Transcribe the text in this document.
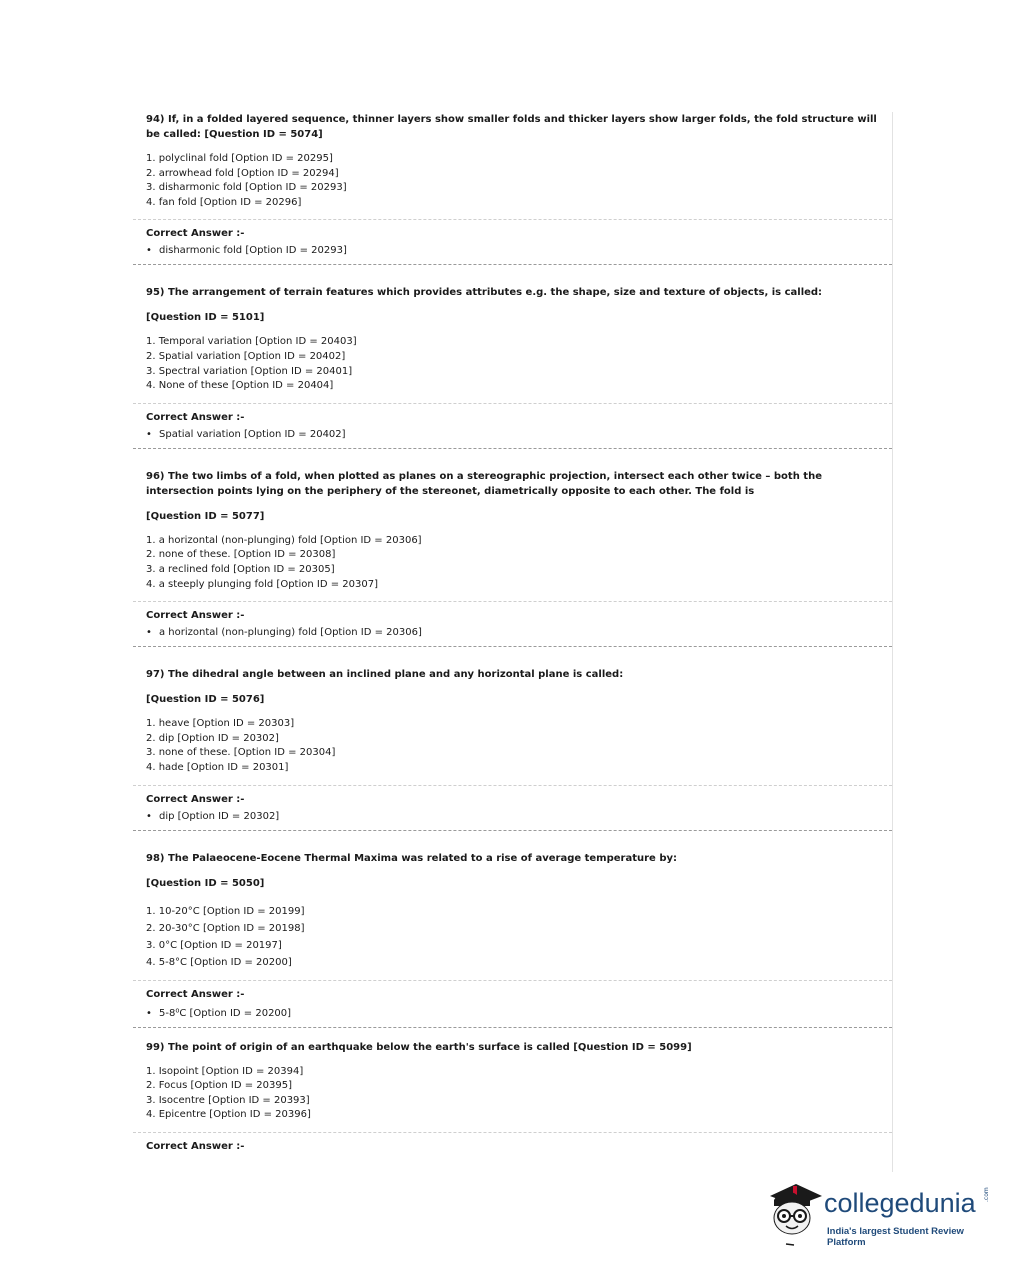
94) If, in a folded layered sequence, thinner layers show smaller folds and thicker layers show larger folds, the fold structure will be called: [Question ID = 5074]

1. polyclinal fold [Option ID = 20295]
2. arrowhead fold [Option ID = 20294]
3. disharmonic fold [Option ID = 20293]
4. fan fold [Option ID = 20296]

Correct Answer :-

• disharmonic fold [Option ID = 20293]

95) The arrangement of terrain features which provides attributes e.g. the shape, size and texture of objects, is called:

[Question ID = 5101]

1. Temporal variation [Option ID = 20403]
2. Spatial variation [Option ID = 20402]
3. Spectral variation [Option ID = 20401]
4. None of these [Option ID = 20404]

Correct Answer :-

• Spatial variation [Option ID = 20402]

96) The two limbs of a fold, when plotted as planes on a stereographic projection, intersect each other twice – both the intersection points lying on the periphery of the stereonet, diametrically opposite to each other. The fold is

[Question ID = 5077]

1. a horizontal (non-plunging) fold [Option ID = 20306]
2. none of these. [Option ID = 20308]
3. a reclined fold [Option ID = 20305]
4. a steeply plunging fold [Option ID = 20307]

Correct Answer :-

• a horizontal (non-plunging) fold [Option ID = 20306]

97) The dihedral angle between an inclined plane and any horizontal plane is called:

[Question ID = 5076]

1. heave [Option ID = 20303]
2. dip [Option ID = 20302]
3. none of these. [Option ID = 20304]
4. hade [Option ID = 20301]

Correct Answer :-

• dip [Option ID = 20302]

98) The Palaeocene-Eocene Thermal Maxima was related to a rise of average temperature by:

[Question ID = 5050]

1. 10-20°C [Option ID = 20199]
2. 20-30°C [Option ID = 20198]
3. 0°C [Option ID = 20197]
4. 5-8°C [Option ID = 20200]

Correct Answer :-

• 5-8⁰C [Option ID = 20200]

99) The point of origin of an earthquake below the earth's surface is called [Question ID = 5099]

1. Isopoint [Option ID = 20394]
2. Focus [Option ID = 20395]
3. Isocentre [Option ID = 20393]
4. Epicentre [Option ID = 20396]

Correct Answer :-

collegedunia .com
India's largest Student Review Platform
